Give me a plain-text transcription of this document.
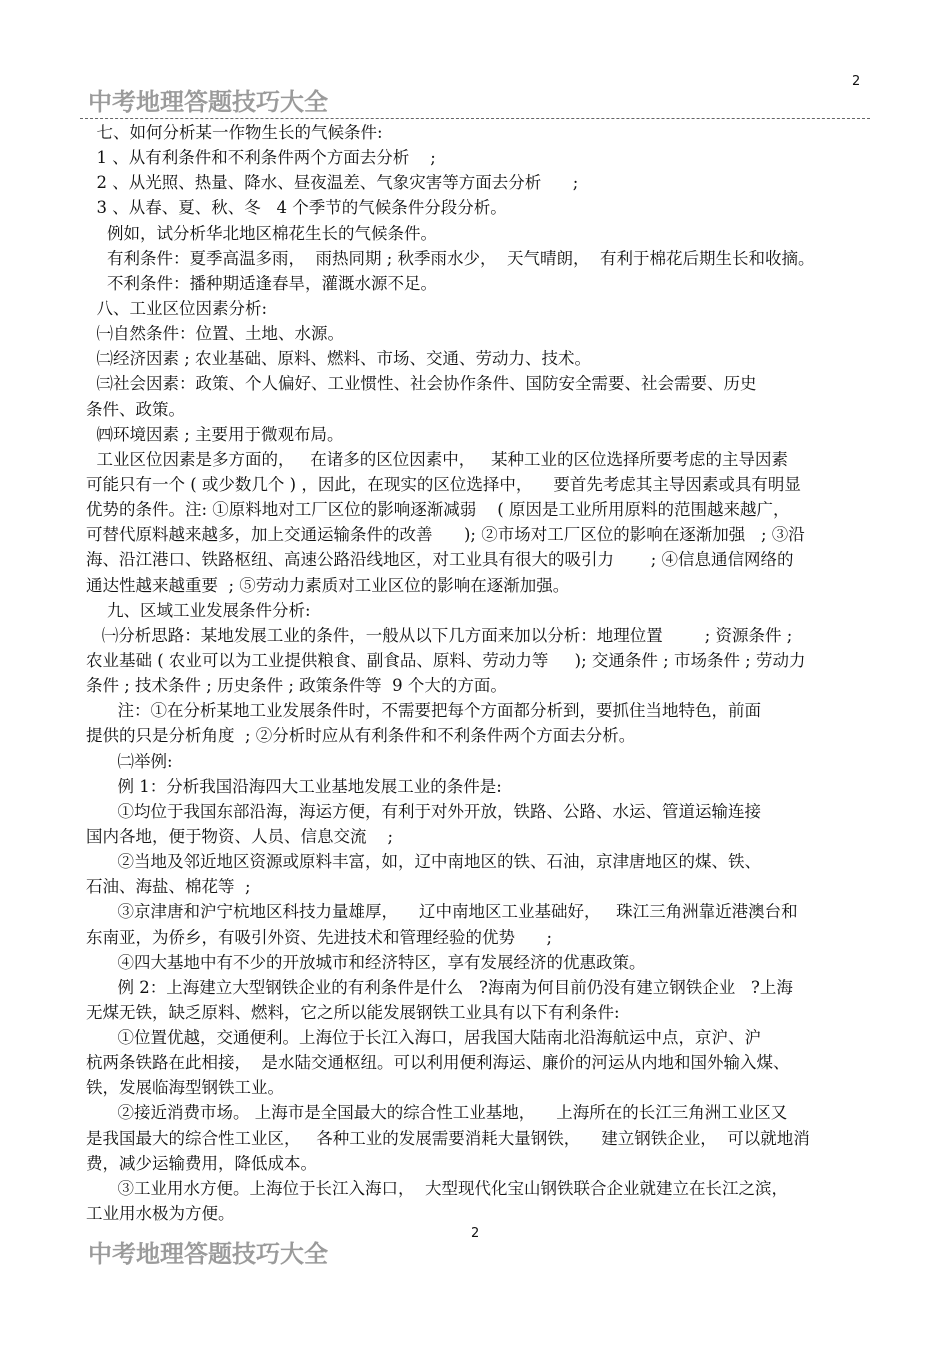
2
中考地理答题技巧大全
七、如何分析某一作物生长的气候条件:
1 、从有利条件和不利条件两个方面去分析    ;
2 、从光照、热量、降水、昼夜温差、气象灾害等方面去分析      ;
3 、从春、夏、秋、冬   4 个季节的气候条件分段分析。
例如，试分析华北地区棉花生长的气候条件。
有利条件：夏季高温多雨，  雨热同期 ; 秋季雨水少，  天气晴朗，  有利于棉花后期生长和收摘。
不利条件：播种期适逢春旱，灌溉水源不足。
八、工业区位因素分析:
㈠自然条件：位置、土地、水源。
㈡经济因素 ; 农业基础、原料、燃料、市场、交通、劳动力、技术。
㈢社会因素：政策、个人偏好、工业惯性、社会协作条件、国防安全需要、社会需要、历史
条件、政策。
㈣环境因素 ; 主要用于微观布局。
工业区位因素是多方面的，   在诸多的区位因素中，   某种工业的区位选择所要考虑的主导因素
可能只有一个 ( 或少数几个 ) ，因此，在现实的区位选择中，    要首先考虑其主导因素或具有明显
优势的条件。注: ①原料地对工厂区位的影响逐渐减弱    ( 原因是工业所用原料的范围越来越广，
可替代原料越来越多，加上交通运输条件的改善      ); ②市场对工厂区位的影响在逐渐加强   ; ③沿
海、沿江港口、铁路枢纽、高速公路沿线地区，对工业具有很大的吸引力       ; ④信息通信网络的
通达性越来越重要  ; ⑤劳动力素质对工业区位的影响在逐渐加强。
九、区域工业发展条件分析:
㈠分析思路：某地发展工业的条件，一般从以下几方面来加以分析：地理位置        ; 资源条件 ;
农业基础 ( 农业可以为工业提供粮食、副食品、原料、劳动力等     ); 交通条件 ; 市场条件 ; 劳动力
条件 ; 技术条件 ; 历史条件 ; 政策条件等  9 个大的方面。
注：①在分析某地工业发展条件时，不需要把每个方面都分析到，要抓住当地特色，前面
提供的只是分析角度  ; ②分析时应从有利条件和不利条件两个方面去分析。
㈡举例:
例 1：分析我国沿海四大工业基地发展工业的条件是:
①均位于我国东部沿海，海运方便，有利于对外开放，铁路、公路、水运、管道运输连接
国内各地，便于物资、人员、信息交流    ;
②当地及邻近地区资源或原料丰富，如，辽中南地区的铁、石油，京津唐地区的煤、铁、
石油、海盐、棉花等  ;
③京津唐和沪宁杭地区科技力量雄厚，    辽中南地区工业基础好，   珠江三角洲靠近港澳台和
东南亚，为侨乡，有吸引外资、先进技术和管理经验的优势      ;
④四大基地中有不少的开放城市和经济特区，享有发展经济的优惠政策。
例 2：上海建立大型钢铁企业的有利条件是什么   ?海南为何目前仍没有建立钢铁企业   ?上海
无煤无铁，缺乏原料、燃料，它之所以能发展钢铁工业具有以下有利条件:
①位置优越，交通便利。上海位于长江入海口，居我国大陆南北沿海航运中点，京沪、沪
杭两条铁路在此相接，  是水陆交通枢纽。可以利用便利海运、廉价的河运从内地和国外输入煤、
铁，发展临海型钢铁工业。
②接近消费市场。 上海市是全国最大的综合性工业基地，    上海所在的长江三角洲工业区又
是我国最大的综合性工业区，   各种工业的发展需要消耗大量钢铁，    建立钢铁企业，  可以就地消
费，减少运输费用，降低成本。
③工业用水方便。上海位于长江入海口，  大型现代化宝山钢铁联合企业就建立在长江之滨，
工业用水极为方便。
2
中考地理答题技巧大全
